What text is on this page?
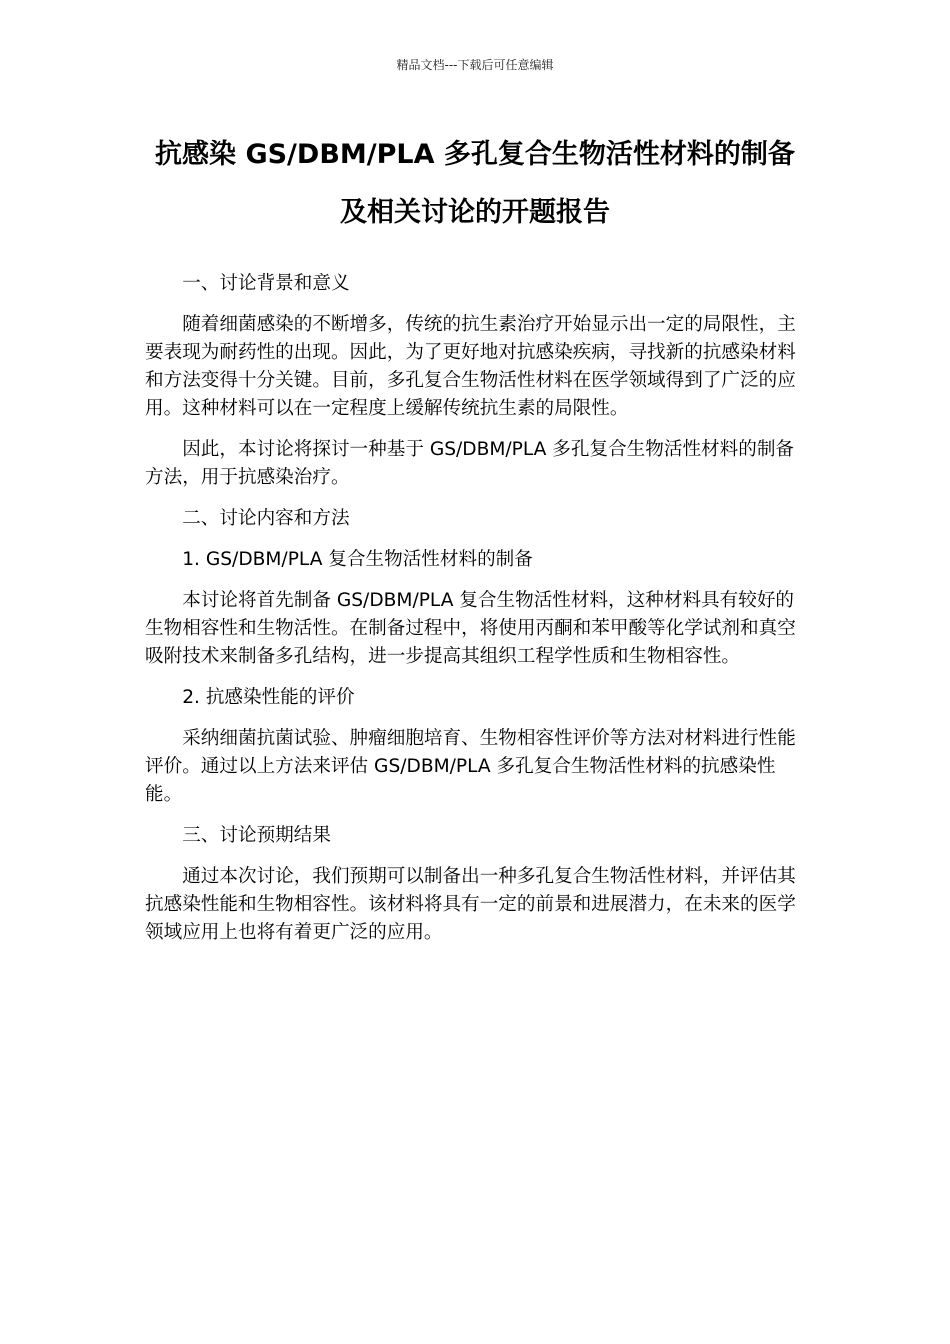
精品文档---下载后可任意编辑
抗感染 GS/DBM/PLA 多孔复合生物活性材料的制备
及相关讨论的开题报告

一、讨论背景和意义

随着细菌感染的不断增多，传统的抗生素治疗开始显示出一定的局限性，主要表现为耐药性的出现。因此，为了更好地对抗感染疾病，寻找新的抗感染材料和方法变得十分关键。目前，多孔复合生物活性材料在医学领域得到了广泛的应用。这种材料可以在一定程度上缓解传统抗生素的局限性。

因此，本讨论将探讨一种基于 GS/DBM/PLA 多孔复合生物活性材料的制备方法，用于抗感染治疗。

二、讨论内容和方法

1. GS/DBM/PLA 复合生物活性材料的制备

本讨论将首先制备 GS/DBM/PLA 复合生物活性材料，这种材料具有较好的生物相容性和生物活性。在制备过程中，将使用丙酮和苯甲酸等化学试剂和真空吸附技术来制备多孔结构，进一步提高其组织工程学性质和生物相容性。

2. 抗感染性能的评价

采纳细菌抗菌试验、肿瘤细胞培育、生物相容性评价等方法对材料进行性能评价。通过以上方法来评估 GS/DBM/PLA 多孔复合生物活性材料的抗感染性能。

三、讨论预期结果

通过本次讨论，我们预期可以制备出一种多孔复合生物活性材料，并评估其抗感染性能和生物相容性。该材料将具有一定的前景和进展潜力，在未来的医学领域应用上也将有着更广泛的应用。
